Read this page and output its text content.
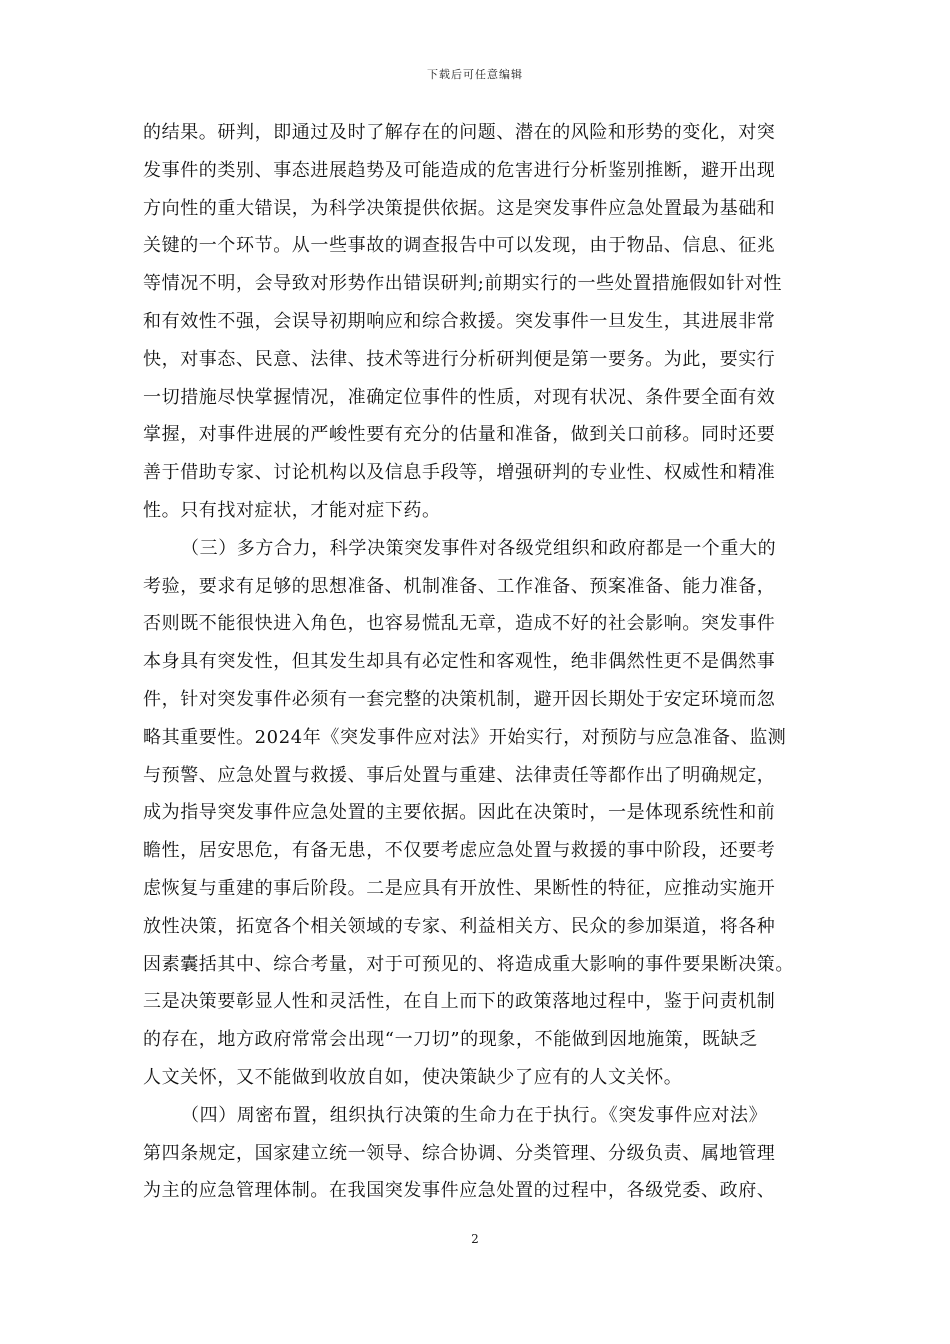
下载后可任意编辑
的结果。研判，即通过及时了解存在的问题、潜在的风险和形势的变化，对突
发事件的类别、事态进展趋势及可能造成的危害进行分析鉴别推断，避开出现
方向性的重大错误，为科学决策提供依据。这是突发事件应急处置最为基础和
关键的一个环节。从一些事故的调查报告中可以发现，由于物品、信息、征兆
等情况不明，会导致对形势作出错误研判;前期实行的一些处置措施假如针对性
和有效性不强，会误导初期响应和综合救援。突发事件一旦发生，其进展非常
快，对事态、民意、法律、技术等进行分析研判便是第一要务。为此，要实行
一切措施尽快掌握情况，准确定位事件的性质，对现有状况、条件要全面有效
掌握，对事件进展的严峻性要有充分的估量和准备，做到关口前移。同时还要
善于借助专家、讨论机构以及信息手段等，增强研判的专业性、权威性和精准
性。只有找对症状，才能对症下药。
（三）多方合力，科学决策突发事件对各级党组织和政府都是一个重大的
考验，要求有足够的思想准备、机制准备、工作准备、预案准备、能力准备，
否则既不能很快进入角色，也容易慌乱无章，造成不好的社会影响。突发事件
本身具有突发性，但其发生却具有必定性和客观性，绝非偶然性更不是偶然事
件，针对突发事件必须有一套完整的决策机制，避开因长期处于安定环境而忽
略其重要性。2024年《突发事件应对法》开始实行，对预防与应急准备、监测
与预警、应急处置与救援、事后处置与重建、法律责任等都作出了明确规定，
成为指导突发事件应急处置的主要依据。因此在决策时，一是体现系统性和前
瞻性，居安思危，有备无患，不仅要考虑应急处置与救援的事中阶段，还要考
虑恢复与重建的事后阶段。二是应具有开放性、果断性的特征，应推动实施开
放性决策，拓宽各个相关领域的专家、利益相关方、民众的参加渠道，将各种
因素囊括其中、综合考量，对于可预见的、将造成重大影响的事件要果断决策。
三是决策要彰显人性和灵活性，在自上而下的政策落地过程中，鉴于问责机制
的存在，地方政府常常会出现“一刀切”的现象，不能做到因地施策，既缺乏
人文关怀，又不能做到收放自如，使决策缺少了应有的人文关怀。
（四）周密布置，组织执行决策的生命力在于执行。《突发事件应对法》
第四条规定，国家建立统一领导、综合协调、分类管理、分级负责、属地管理
为主的应急管理体制。在我国突发事件应急处置的过程中，各级党委、政府、
2
